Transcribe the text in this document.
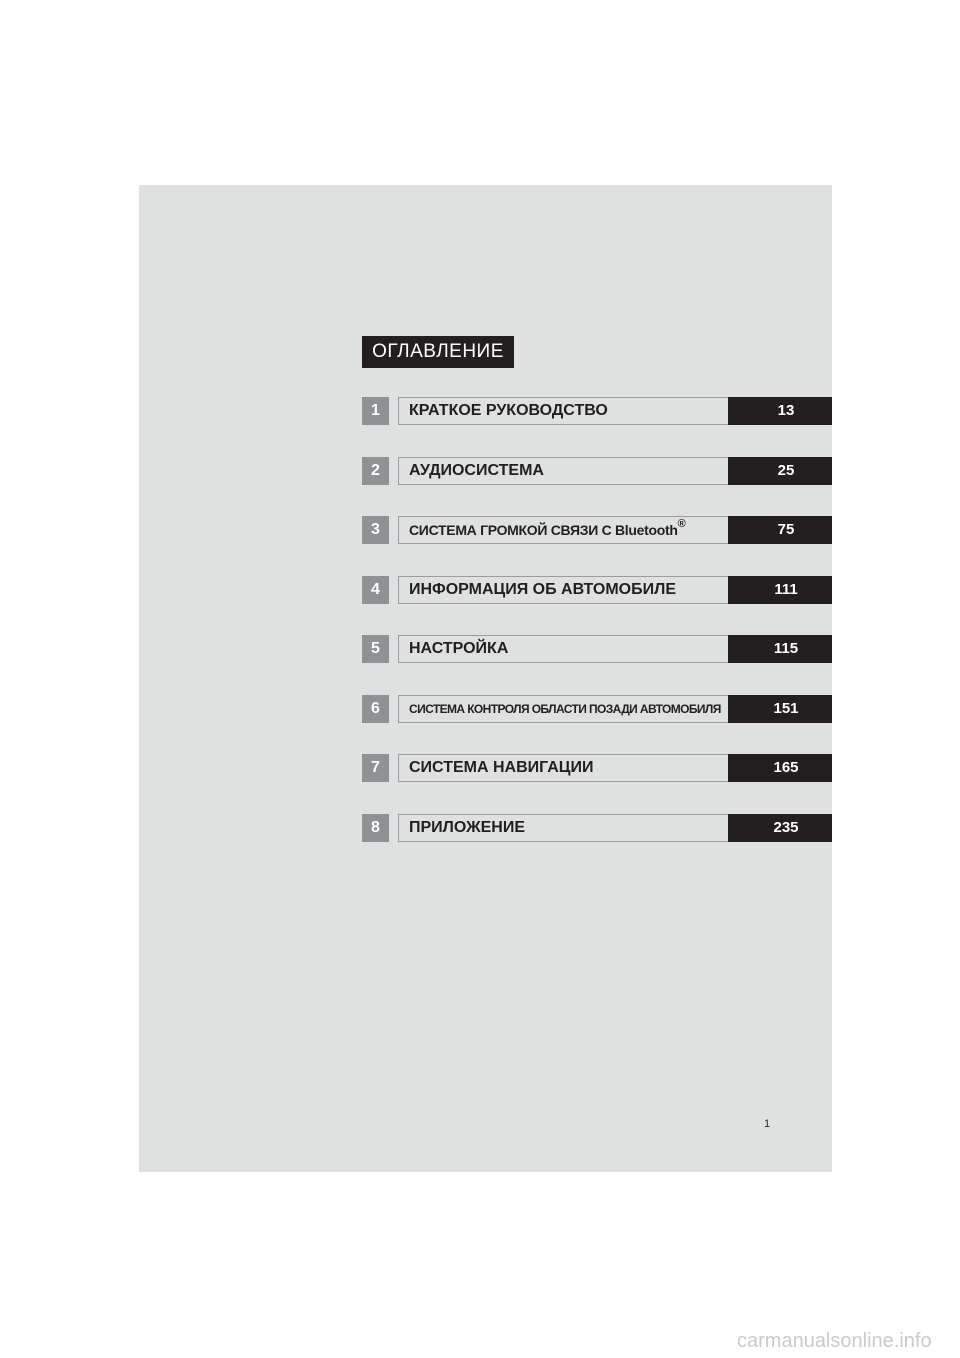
ОГЛАВЛЕНИЕ
1	КРАТКОЕ РУКОВОДСТВО	13
2	АУДИОСИСТЕМА	25
3	СИСТЕМА ГРОМКОЙ СВЯЗИ С Bluetooth®	75
4	ИНФОРМАЦИЯ ОБ АВТОМОБИЛЕ	111
5	НАСТРОЙКА	115
6	СИСТЕМА КОНТРОЛЯ ОБЛАСТИ ПОЗАДИ АВТОМОБИЛЯ	151
7	СИСТЕМА НАВИГАЦИИ	165
8	ПРИЛОЖЕНИЕ	235
1
carmanualsonline.info
